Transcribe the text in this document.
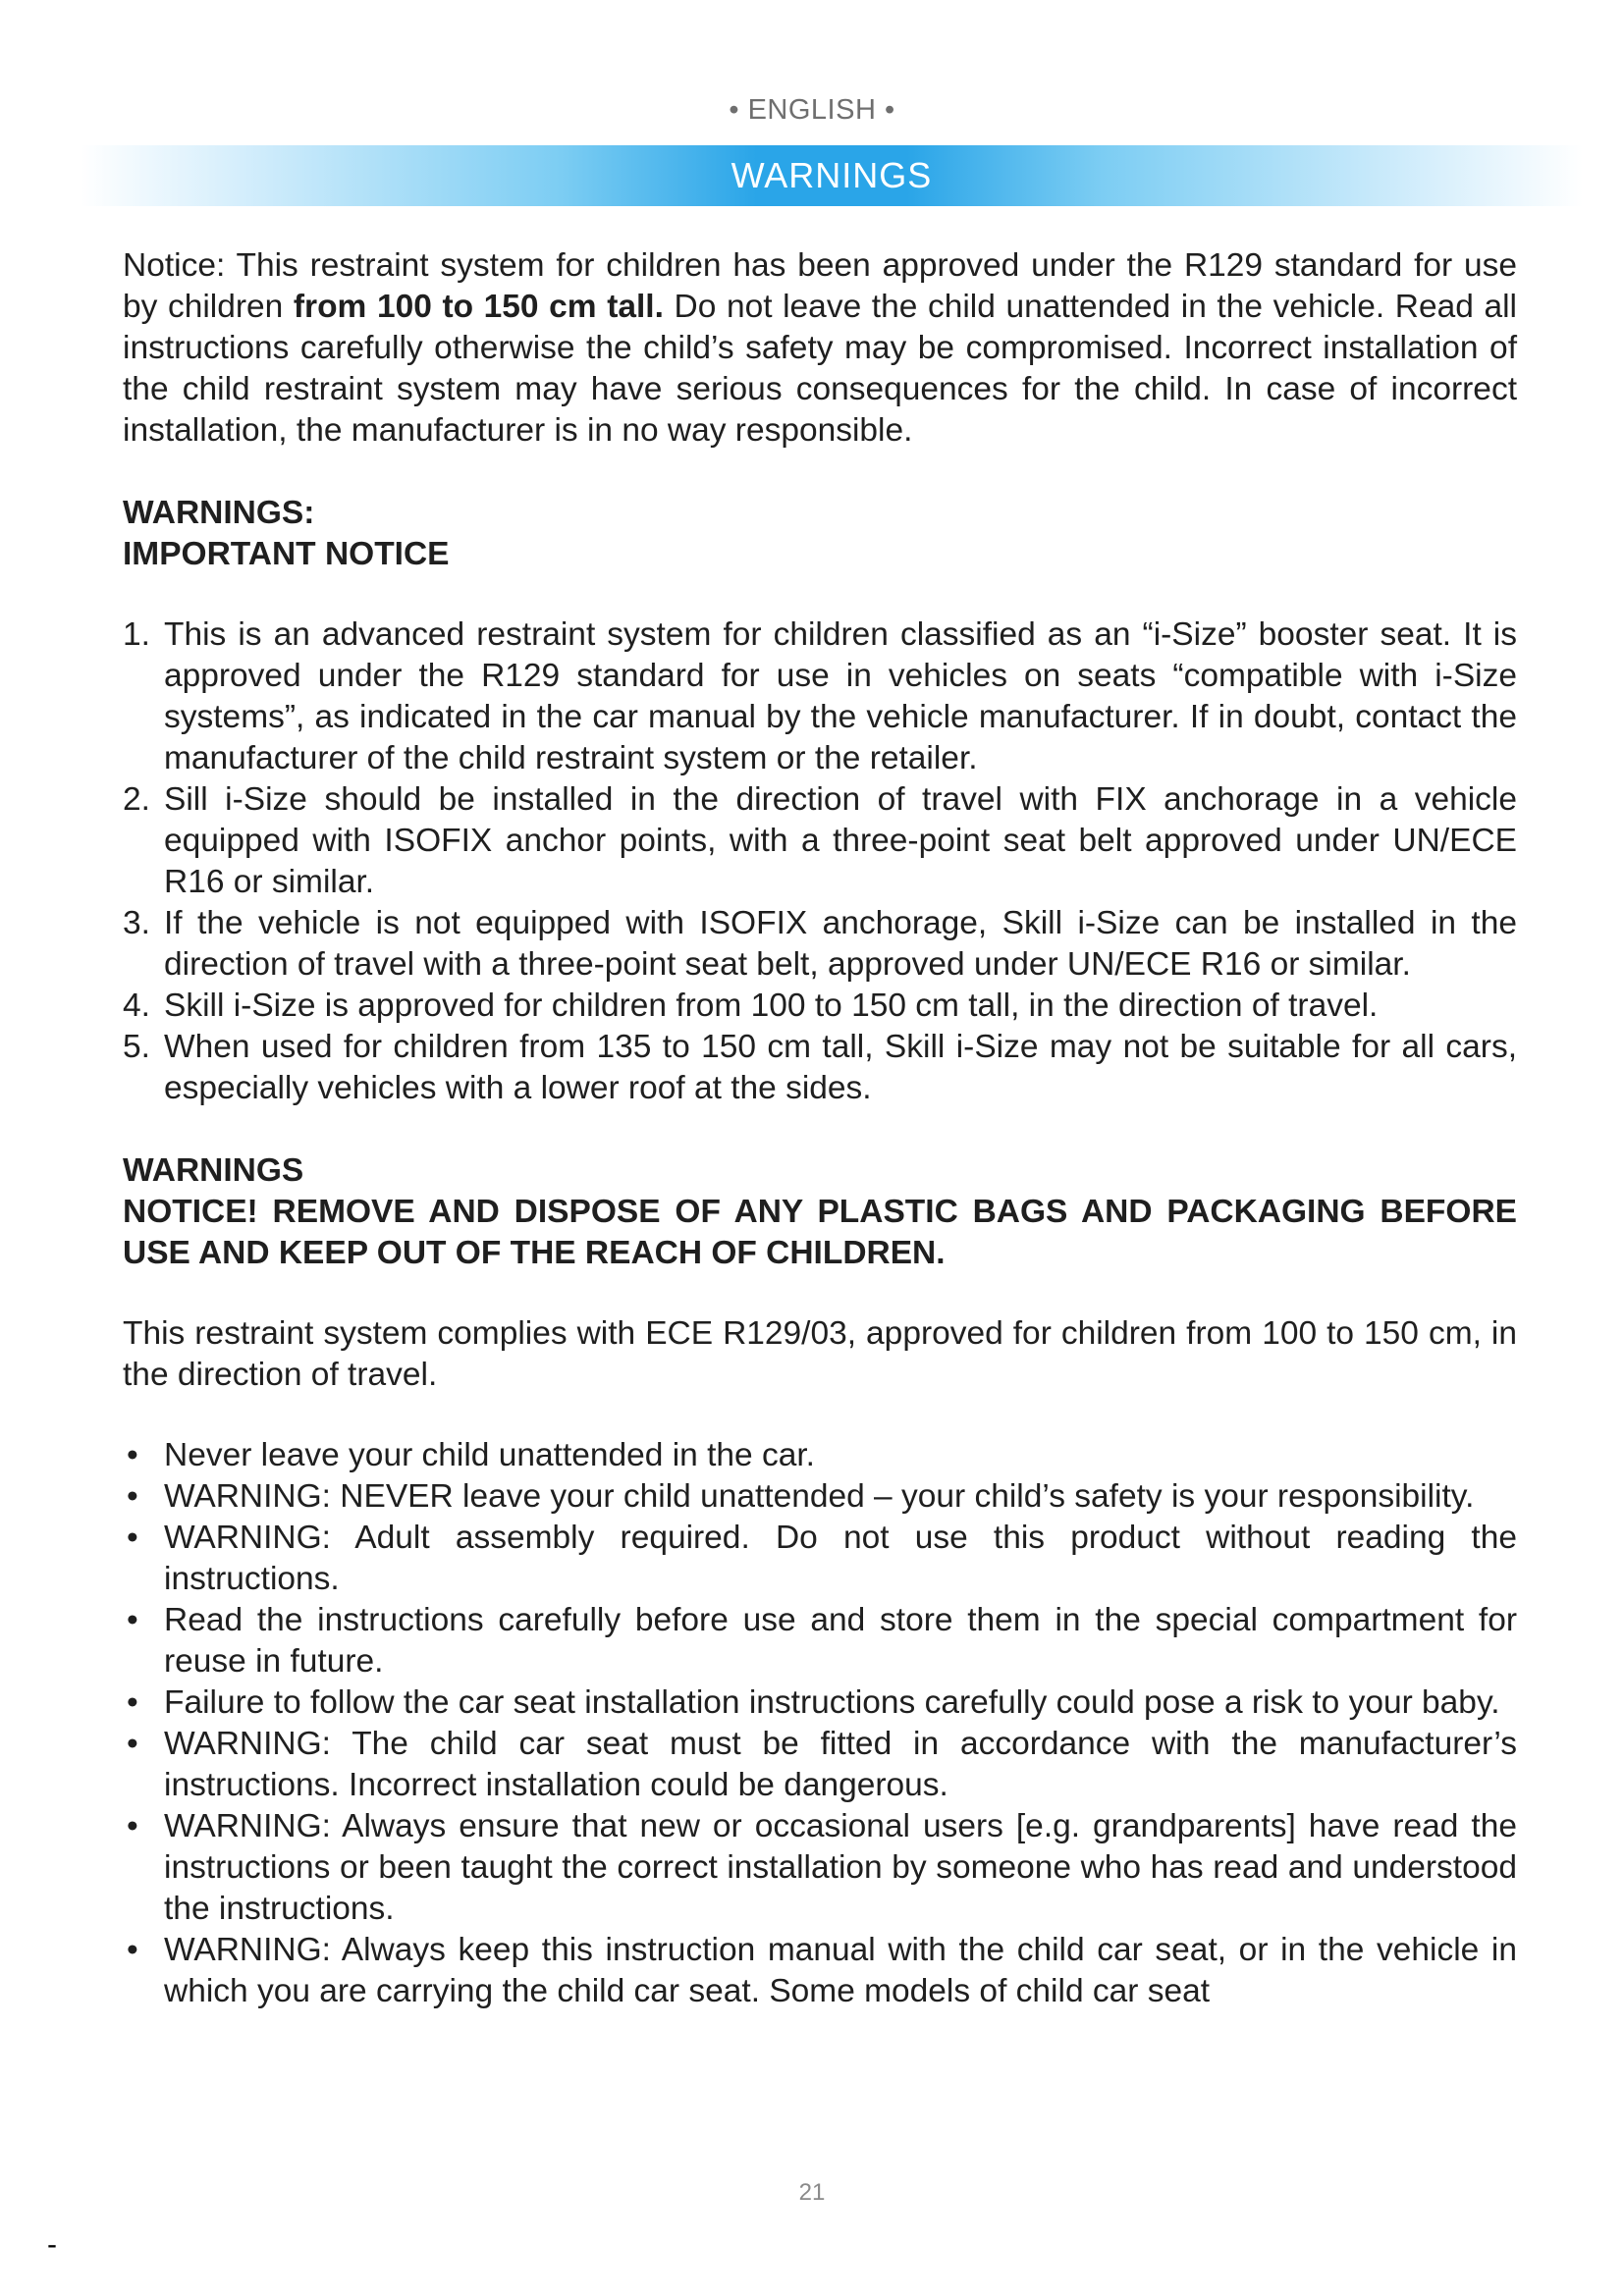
• ENGLISH •
WARNINGS

Notice: This restraint system for children has been approved under the R129 standard for use by children from 100 to 150 cm tall. Do not leave the child unattended in the vehicle. Read all instructions carefully otherwise the child’s safety may be compromised. Incorrect installation of the child restraint system may have serious consequences for the child. In case of incorrect installation, the manufacturer is in no way responsible.

WARNINGS:
IMPORTANT NOTICE
1. This is an advanced restraint system for children classified as an “i-Size” booster seat. It is approved under the R129 standard for use in vehicles on seats “compatible with i-Size systems”, as indicated in the car manual by the vehicle manufacturer. If in doubt, contact the manufacturer of the child restraint system or the retailer.
2. Sill i-Size should be installed in the direction of travel with FIX anchorage in a vehicle equipped with ISOFIX anchor points, with a three-point seat belt approved under UN/ECE R16 or similar.
3. If the vehicle is not equipped with ISOFIX anchorage, Skill i-Size can be installed in the direction of travel with a three-point seat belt, approved under UN/ECE R16 or similar.
4. Skill i-Size is approved for children from 100 to 150 cm tall, in the direction of travel.
5. When used for children from 135 to 150 cm tall, Skill i-Size may not be suitable for all cars, especially vehicles with a lower roof at the sides.
WARNINGS

NOTICE! REMOVE AND DISPOSE OF ANY PLASTIC BAGS AND PACKAGING BEFORE USE AND KEEP OUT OF THE REACH OF CHILDREN.

This restraint system complies with ECE R129/03, approved for children from 100 to 150 cm, in the direction of travel.

• Never leave your child unattended in the car.
• WARNING: NEVER leave your child unattended – your child’s safety is your responsibility.
• WARNING: Adult assembly required. Do not use this product without reading the instructions.
• Read the instructions carefully before use and store them in the special compartment for reuse in future.
• Failure to follow the car seat installation instructions carefully could pose a risk to your baby.
• WARNING: The child car seat must be fitted in accordance with the manufacturer’s instructions. Incorrect installation could be dangerous.
• WARNING: Always ensure that new or occasional users [e.g. grandparents] have read the instructions or been taught the correct installation by someone who has read and understood the instructions.
• WARNING: Always keep this instruction manual with the child car seat, or in the vehicle in which you are carrying the child car seat. Some models of child car seat
21
-
